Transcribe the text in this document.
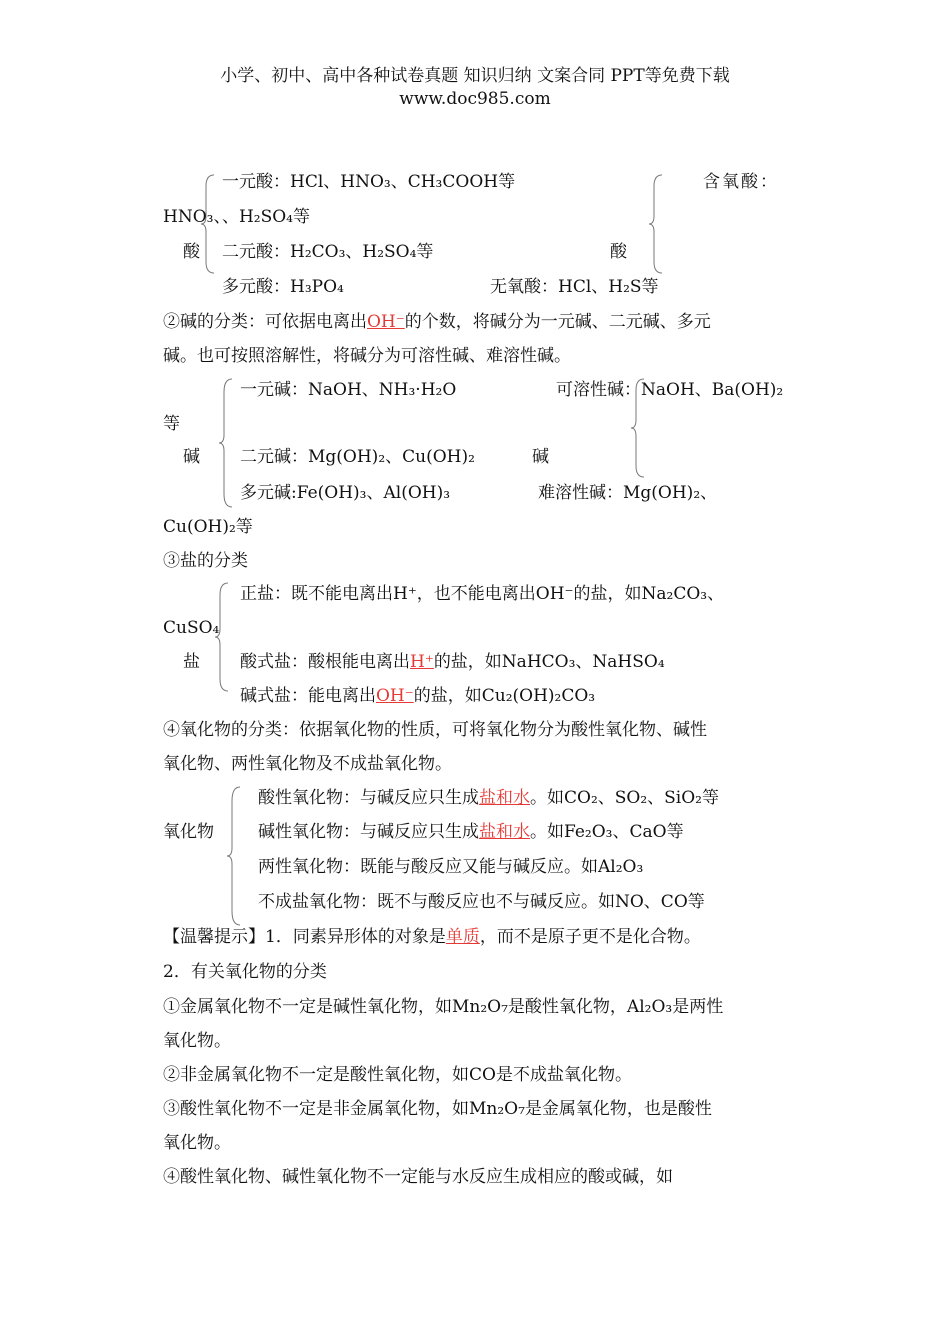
小学、初中、高中各种试卷真题 知识归纳 文案合同 PPT等免费下载
www.doc985.com
一元酸：HCl、HNO₃、CH₃COOH等	含氧酸：
HNO₃、、H₂SO₄等
酸 二元酸：H₂CO₃、H₂SO₄等	酸
多元酸：H₃PO₄	无氧酸：HCl、H₂S等
②碱的分类：可依据电离出OH⁻的个数，将碱分为一元碱、二元碱、多元
碱。也可按照溶解性，将碱分为可溶性碱、难溶性碱。
一元碱：NaOH、NH₃·H₂O	可溶性碱：NaOH、Ba(OH)₂
等
碱 二元碱：Mg(OH)₂、Cu(OH)₂	碱
多元碱:Fe(OH)₃、Al(OH)₃	难溶性碱：Mg(OH)₂、
Cu(OH)₂等
③盐的分类
正盐：既不能电离出H⁺，也不能电离出OH⁻的盐，如Na₂CO₃、
CuSO₄
盐 酸式盐：酸根能电离出H⁺的盐，如NaHCO₃、NaHSO₄
碱式盐：能电离出OH⁻的盐，如Cu₂(OH)₂CO₃
④氧化物的分类：依据氧化物的性质，可将氧化物分为酸性氧化物、碱性
氧化物、两性氧化物及不成盐氧化物。
酸性氧化物：与碱反应只生成盐和水。如CO₂、SO₂、SiO₂等
氧化物	碱性氧化物：与碱反应只生成盐和水。如Fe₂O₃、CaO等
两性氧化物：既能与酸反应又能与碱反应。如Al₂O₃
不成盐氧化物：既不与酸反应也不与碱反应。如NO、CO等
【温馨提示】1．同素异形体的对象是单质，而不是原子更不是化合物。
2．有关氧化物的分类
①金属氧化物不一定是碱性氧化物，如Mn₂O₇是酸性氧化物，Al₂O₃是两性
氧化物。
②非金属氧化物不一定是酸性氧化物，如CO是不成盐氧化物。
③酸性氧化物不一定是非金属氧化物，如Mn₂O₇是金属氧化物，也是酸性
氧化物。
④酸性氧化物、碱性氧化物不一定能与水反应生成相应的酸或碱，如
